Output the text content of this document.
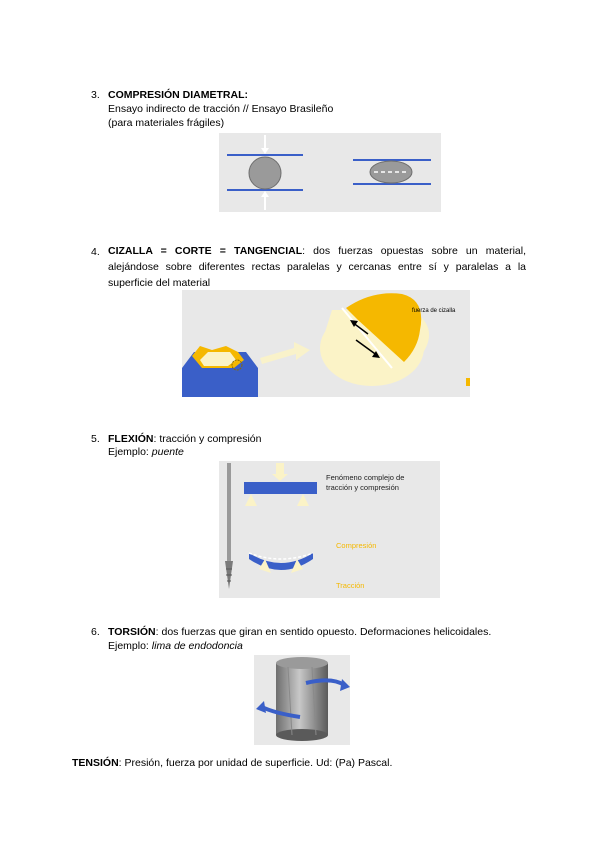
3. COMPRESIÓN DIAMETRAL:
Ensayo indirecto de tracción // Ensayo Brasileño
(para materiales frágiles)
4. CIZALLA = CORTE = TANGENCIAL: dos fuerzas opuestas sobre un material, alejándose sobre diferentes rectas paralelas y cercanas entre sí y paralelas a la superficie del material
fuerza de cizalla
5. FLEXIÓN: tracción y compresión
Ejemplo: puente
Fenómeno complejo de
tracción y compresión
Compresión
Tracción
6. TORSIÓN: dos fuerzas que giran en sentido opuesto. Deformaciones helicoidales.
Ejemplo: lima de endodoncia
TENSIÓN: Presión, fuerza por unidad de superficie. Ud: (Pa) Pascal.
